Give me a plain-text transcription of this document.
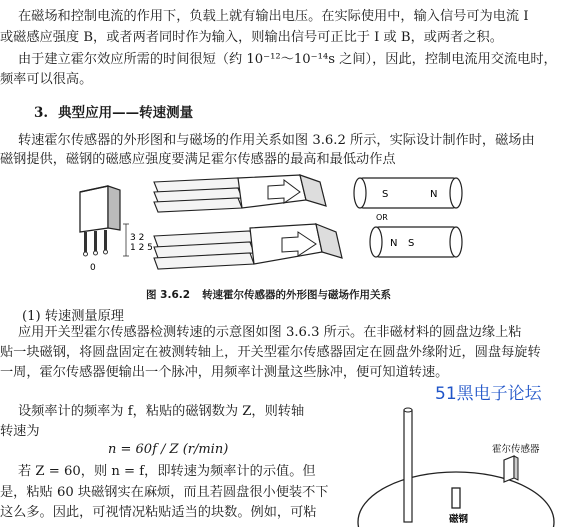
在磁场和控制电流的作用下，负载上就有输出电压。在实际使用中，输入信号可为电流 I
或磁感应强度 B，或者两者同时作为输入，则输出信号可正比于 I 或 B，或两者之积。
由于建立霍尔效应所需的时间很短（约 10⁻¹²～10⁻¹⁴s 之间），因此，控制电流用交流电时，
频率可以很高。
3. 典型应用——转速测量
转速霍尔传感器的外形图和与磁场的作用关系如图 3.6.2 所示，实际设计制作时，磁场由
磁钢提供，磁钢的磁感应强度要满足霍尔传感器的最高和最低动作点
3 2
1 2 5
0
S	N
OR
N S
图 3.6.2 转速霍尔传感器的外形图与磁场作用关系
(1) 转速测量原理
应用开关型霍尔传感器检测转速的示意图如图 3.6.3 所示。在非磁材料的圆盘边缘上粘
贴一块磁钢，将圆盘固定在被测转轴上，开关型霍尔传感器固定在圆盘外缘附近，圆盘每旋转
一周，霍尔传感器便输出一个脉冲，用频率计测量这些脉冲，便可知道转速。
51黑电子论坛
设频率计的频率为 f，粘贴的磁钢数为 Z，则转轴
转速为
n = 60f / Z (r/min)
若 Z = 60，则 n = f，即转速为频率计的示值。但
是，粘贴 60 块磁钢实在麻烦，而且若圆盘很小便装不下
这么多。因此，可视情况粘贴适当的块数。例如，可粘
霍尔传感器
磁钢
